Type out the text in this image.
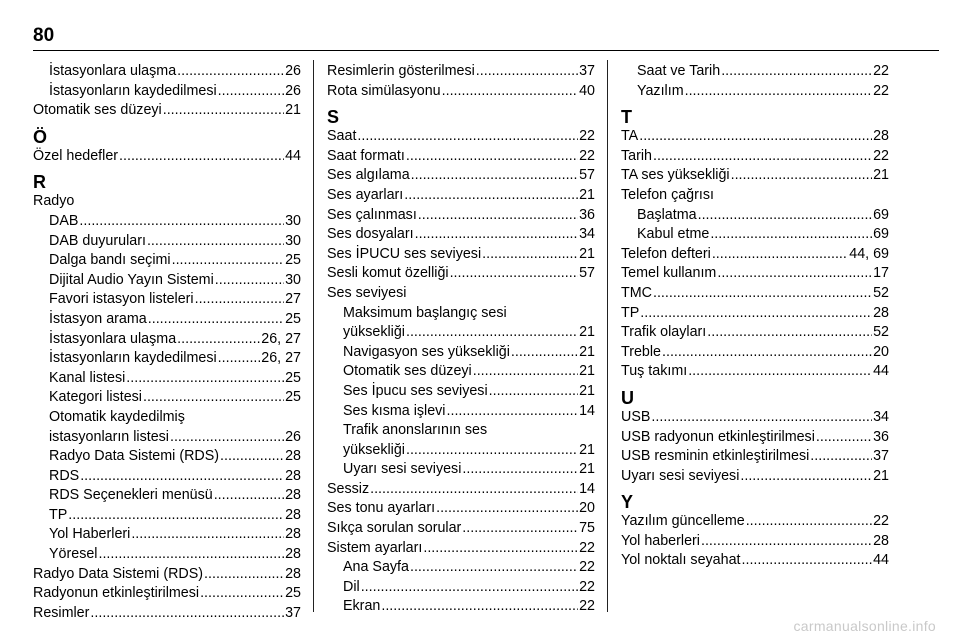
80
İstasyonlara ulaşma .....	26
İstasyonların kaydedilmesi .....	26
Otomatik ses düzeyi .....	21
Ö
Özel hedefler .....	44
R
Radyo
DAB .....	30
DAB duyuruları .....	30
Dalga bandı seçimi .....	25
Dijital Audio Yayın Sistemi .....	30
Favori istasyon listeleri .....	27
İstasyon arama .....	25
İstasyonlara ulaşma .....	26, 27
İstasyonların kaydedilmesi .....	26, 27
Kanal listesi .....	25
Kategori listesi .....	25
Otomatik kaydedilmiş
istasyonların listesi .....	26
Radyo Data Sistemi (RDS) .....	28
RDS .....	28
RDS Seçenekleri menüsü .....	28
TP .....	28
Yol Haberleri .....	28
Yöresel .....	28
Radyo Data Sistemi (RDS) .....	28
Radyonun etkinleştirilmesi .....	25
Resimler .....	37
Resimlerin gösterilmesi .....	37
Rota simülasyonu .....	40
S
Saat .....	22
Saat formatı .....	22
Ses algılama .....	57
Ses ayarları .....	21
Ses çalınması .....	36
Ses dosyaları .....	34
Ses İPUCU ses seviyesi .....	21
Sesli komut özelliği .....	57
Ses seviyesi
Maksimum başlangıç sesi
yüksekliği .....	21
Navigasyon ses yüksekliği .....	21
Otomatik ses düzeyi .....	21
Ses İpucu ses seviyesi .....	21
Ses kısma işlevi .....	14
Trafik anonslarının ses
yüksekliği .....	21
Uyarı sesi seviyesi .....	21
Sessiz .....	14
Ses tonu ayarları .....	20
Sıkça sorulan sorular .....	75
Sistem ayarları .....	22
Ana Sayfa .....	22
Dil .....	22
Ekran .....	22
Saat ve Tarih .....	22
Yazılım .....	22
T
TA .....	28
Tarih .....	22
TA ses yüksekliği .....	21
Telefon çağrısı
Başlatma .....	69
Kabul etme .....	69
Telefon defteri .....	44, 69
Temel kullanım .....	17
TMC .....	52
TP .....	28
Trafik olayları .....	52
Treble .....	20
Tuş takımı .....	44
U
USB .....	34
USB radyonun etkinleştirilmesi .....	36
USB resminin etkinleştirilmesi .....	37
Uyarı sesi seviyesi .....	21
Y
Yazılım güncelleme .....	22
Yol haberleri .....	28
Yol noktalı seyahat .....	44
carmanualsonline.info
